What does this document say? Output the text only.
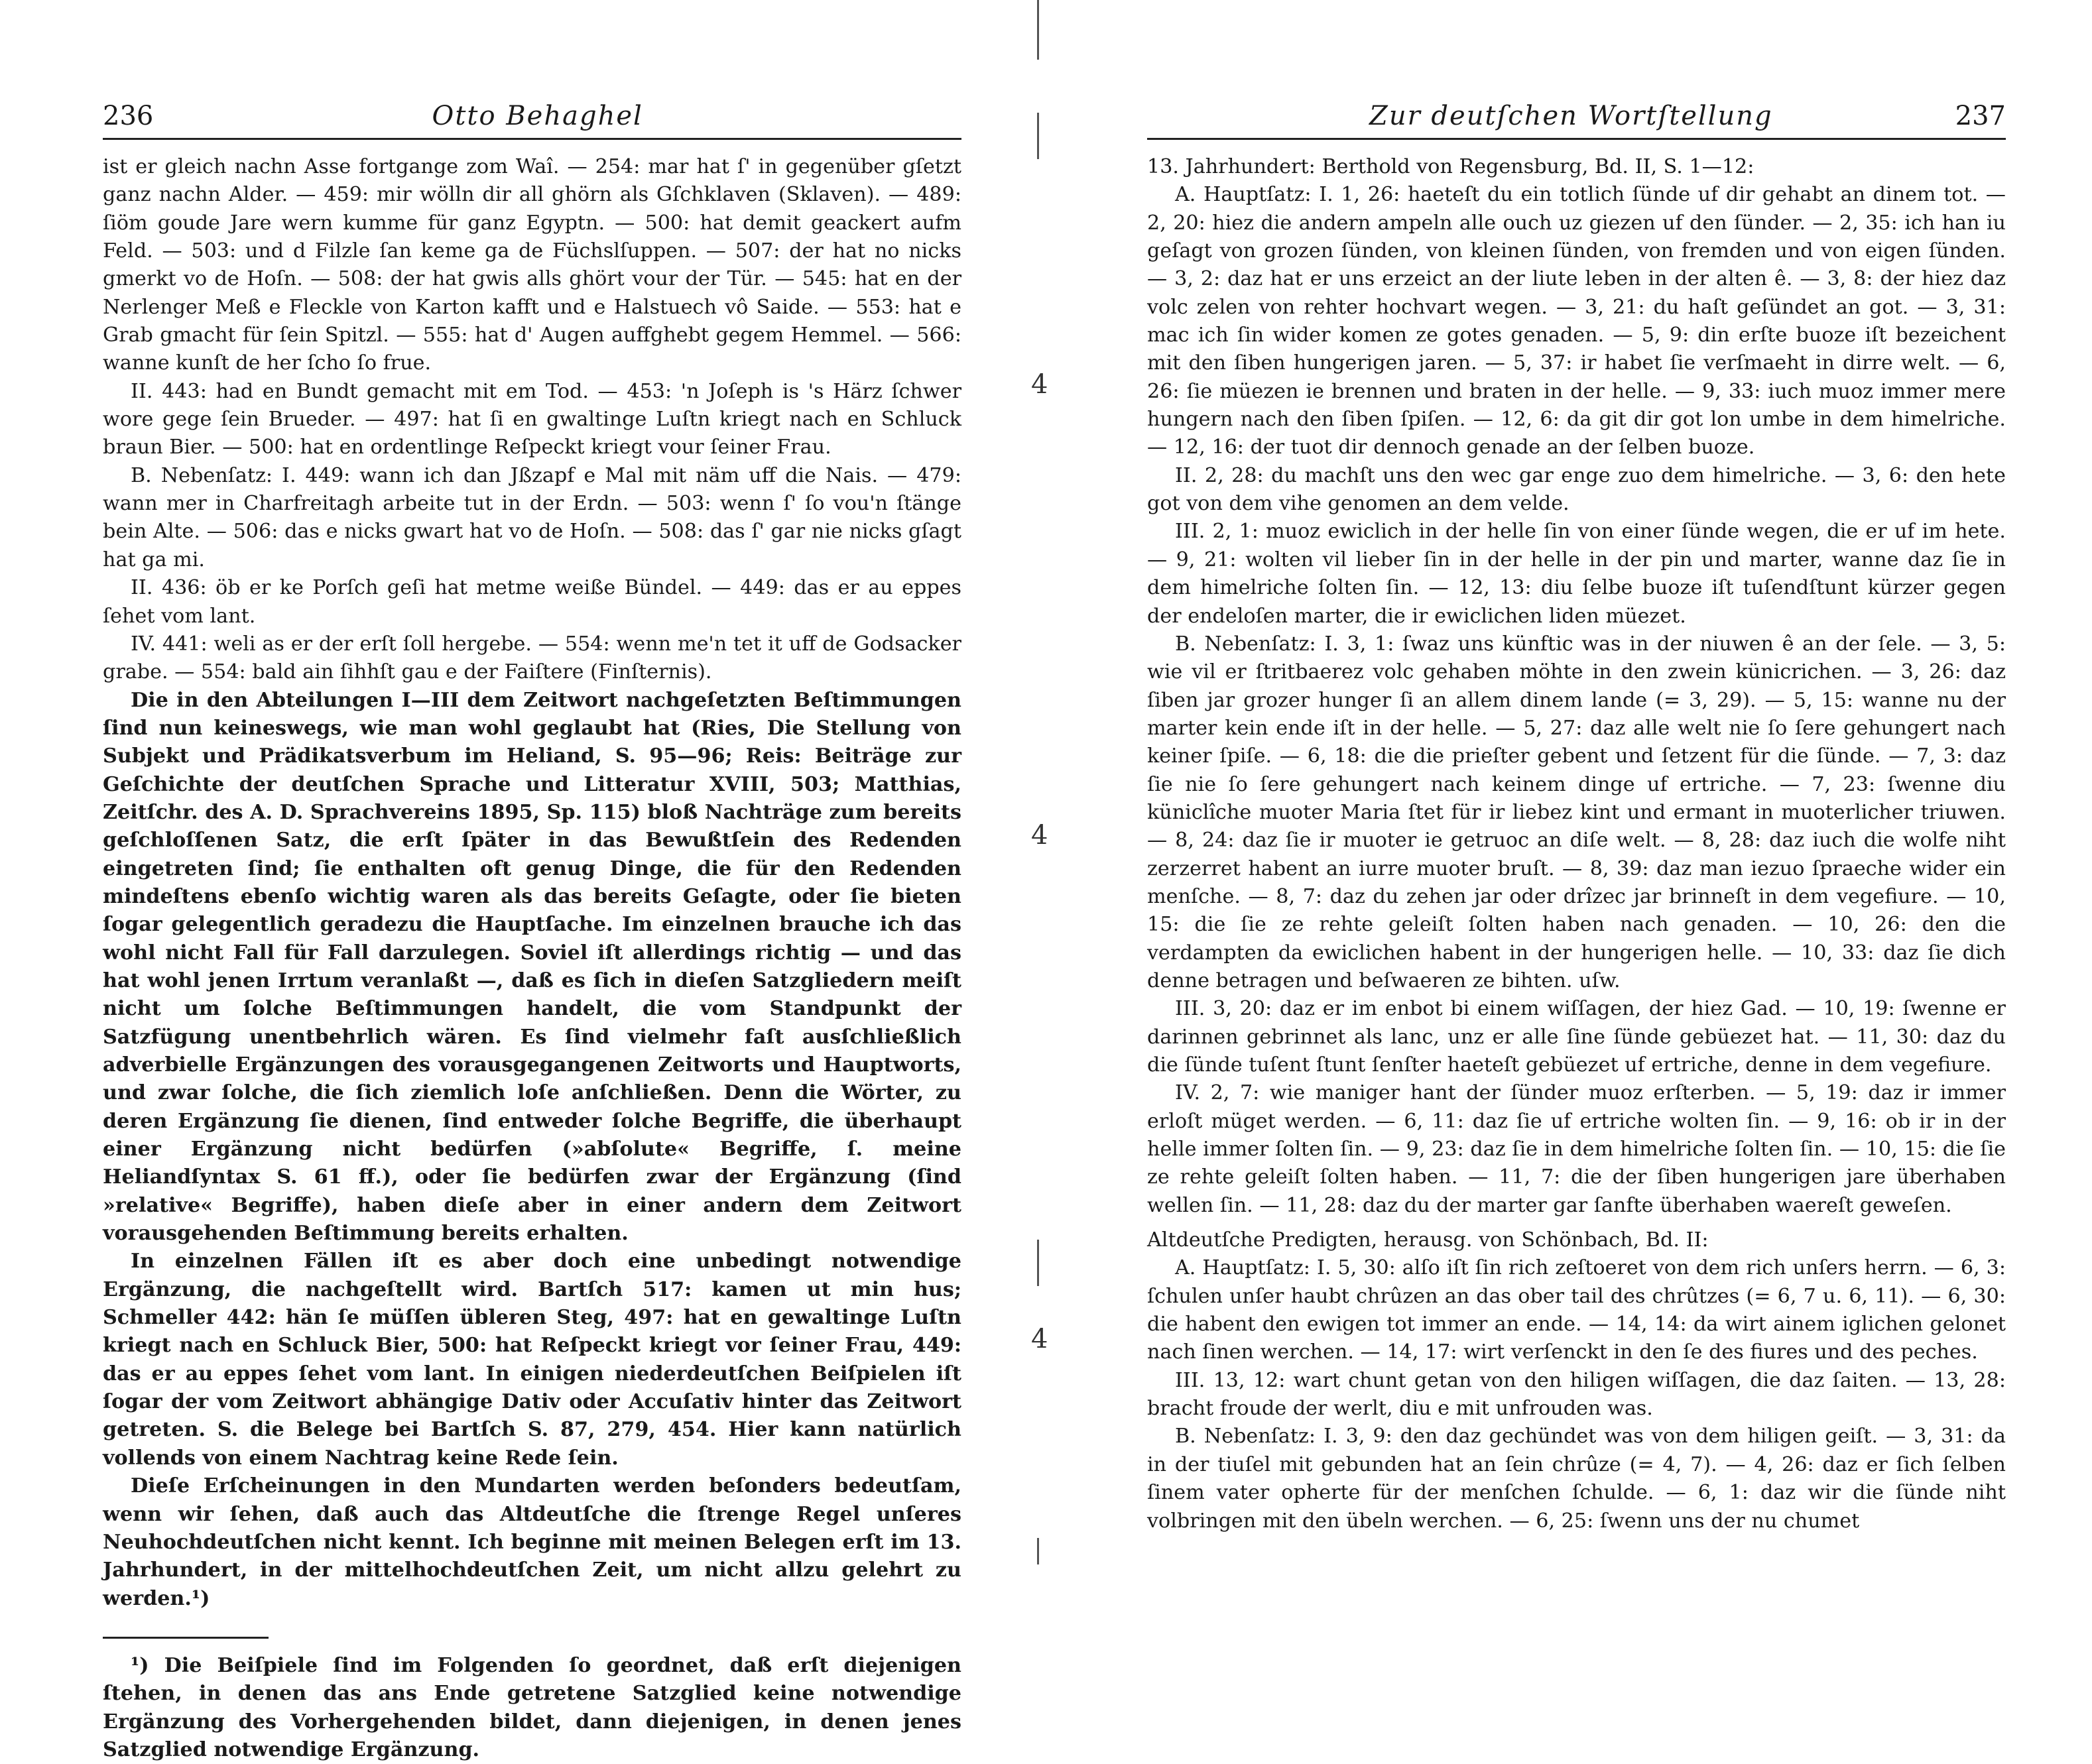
236	Otto Behaghel

ist er gleich nachn Asse fortgange zom Waî. — 254: mar hat ſ' in gegenüber gſetzt ganz nachn Alder. — 459: mir wölln dir all ghörn als Gſchklaven (Sklaven). — 489: ſiöm goude Jare wern kumme für ganz Egyptn. — 500: hat demit geackert aufm Feld. — 503: und d Filzle ſan keme ga de Füchslſuppen. — 507: der hat no nicks gmerkt vo de Hoſn. — 508: der hat gwis alls ghört vour der Tür. — 545: hat en der Nerlenger Meß e Fleckle von Karton kafft und e Halstuech vô Saide. — 553: hat e Grab gmacht für ſein Spitzl. — 555: hat d' Augen auffghebt gegem Hemmel. — 566: wanne kunſt de her ſcho ſo frue.

II. 443: had en Bundt gemacht mit em Tod. — 453: 'n Joſeph is 's Härz ſchwer wore gege ſein Brueder. — 497: hat ſi en gwaltinge Luſtn kriegt nach en Schluck braun Bier. — 500: hat en ordentlinge Reſpeckt kriegt vour ſeiner Frau.

B. Nebenſatz: I. 449: wann ich dan Jßzapf e Mal mit näm uff die Nais. — 479: wann mer in Charfreitagh arbeite tut in der Erdn. — 503: wenn ſ' ſo vou'n ſtänge bein Alte. — 506: das e nicks gwart hat vo de Hoſn. — 508: das ſ' gar nie nicks gſagt hat ga mi.

II. 436: öb er ke Porſch geſi hat metme weiße Bündel. — 449: das er au eppes ſehet vom lant.

IV. 441: weli as er der erſt ſoll hergebe. — 554: wenn me'n tet it uff de Godsacker grabe. — 554: bald ain ſihhſt gau e der Faiſtere (Finſternis).

Die in den Abteilungen I—III dem Zeitwort nachgeſetzten Beſtimmungen ſind nun keineswegs, wie man wohl geglaubt hat (Ries, Die Stellung von Subjekt und Prädikatsverbum im Heliand, S. 95—96; Reis: Beiträge zur Geſchichte der deutſchen Sprache und Litteratur XVIII, 503; Matthias, Zeitſchr. des A. D. Sprachvereins 1895, Sp. 115) bloß Nachträge zum bereits geſchloſſenen Satz, die erſt ſpäter in das Bewußtſein des Redenden eingetreten ſind; ſie enthalten oft genug Dinge, die für den Redenden mindeſtens ebenſo wichtig waren als das bereits Geſagte, oder ſie bieten ſogar gelegentlich geradezu die Hauptſache. Im einzelnen brauche ich das wohl nicht Fall für Fall darzulegen. Soviel iſt allerdings richtig — und das hat wohl jenen Irrtum veranlaßt —, daß es ſich in dieſen Satzgliedern meiſt nicht um ſolche Beſtimmungen handelt, die vom Standpunkt der Satzfügung unentbehrlich wären. Es ſind vielmehr faſt ausſchließlich adverbielle Ergänzungen des vorausgegangenen Zeitworts und Hauptworts, und zwar ſolche, die ſich ziemlich loſe anſchließen. Denn die Wörter, zu deren Ergänzung ſie dienen, ſind entweder ſolche Begriffe, die überhaupt einer Ergänzung nicht bedürfen (»abſolute« Begriffe, ſ. meine Heliandſyntax S. 61 ff.), oder ſie bedürfen zwar der Ergänzung (ſind »relative« Begriffe), haben dieſe aber in einer andern dem Zeitwort vorausgehenden Beſtimmung bereits erhalten.

In einzelnen Fällen iſt es aber doch eine unbedingt notwendige Ergänzung, die nachgeſtellt wird. Bartſch 517: kamen ut min hus; Schmeller 442: hän ſe müſſen übleren Steg, 497: hat en gewaltinge Luſtn kriegt nach en Schluck Bier, 500: hat Reſpeckt kriegt vor ſeiner Frau, 449: das er au eppes ſehet vom lant. In einigen niederdeutſchen Beiſpielen iſt ſogar der vom Zeitwort abhängige Dativ oder Accuſativ hinter das Zeitwort getreten. S. die Belege bei Bartſch S. 87, 279, 454. Hier kann natürlich vollends von einem Nachtrag keine Rede ſein.

Dieſe Erſcheinungen in den Mundarten werden beſonders bedeutſam, wenn wir ſehen, daß auch das Altdeutſche die ſtrenge Regel unſeres Neuhochdeutſchen nicht kennt. Ich beginne mit meinen Belegen erſt im 13. Jahrhundert, in der mittelhochdeutſchen Zeit, um nicht allzu gelehrt zu werden.¹)

¹) Die Beiſpiele ſind im Folgenden ſo geordnet, daß erſt diejenigen ſtehen, in denen das ans Ende getretene Satzglied keine notwendige Ergänzung des Vorhergehenden bildet, dann diejenigen, in denen jenes Satzglied notwendige Ergänzung.

4
4
4
Zur deutſchen Wortſtellung	237

13. Jahrhundert: Berthold von Regensburg, Bd. II, S. 1—12:

A. Hauptſatz: I. 1, 26: haeteſt du ein totlich ſünde uf dir gehabt an dinem tot. — 2, 20: hiez die andern ampeln alle ouch uz giezen uf den ſünder. — 2, 35: ich han iu geſagt von grozen ſünden, von kleinen ſünden, von fremden und von eigen ſünden. — 3, 2: daz hat er uns erzeict an der liute leben in der alten ê. — 3, 8: der hiez daz volc zelen von rehter hochvart wegen. — 3, 21: du haſt geſündet an got. — 3, 31: mac ich ſin wider komen ze gotes genaden. — 5, 9: din erſte buoze iſt bezeichent mit den ſiben hungerigen jaren. — 5, 37: ir habet ſie verſmaeht in dirre welt. — 6, 26: ſie müezen ie brennen und braten in der helle. — 9, 33: iuch muoz immer mere hungern nach den ſiben ſpiſen. — 12, 6: da git dir got lon umbe in dem himelriche. — 12, 16: der tuot dir dennoch genade an der ſelben buoze.

II. 2, 28: du machſt uns den wec gar enge zuo dem himelriche. — 3, 6: den hete got von dem vihe genomen an dem velde.

III. 2, 1: muoz ewiclich in der helle ſin von einer ſünde wegen, die er uf im hete. — 9, 21: wolten vil lieber ſin in der helle in der pin und marter, wanne daz ſie in dem himelriche ſolten ſin. — 12, 13: diu ſelbe buoze iſt tuſendſtunt kürzer gegen der endeloſen marter, die ir ewiclichen liden müezet.

B. Nebenſatz: I. 3, 1: ſwaz uns künftic was in der niuwen ê an der ſele. — 3, 5: wie vil er ſtritbaerez volc gehaben möhte in den zwein künicrichen. — 3, 26: daz ſiben jar grozer hunger ſi an allem dinem lande (= 3, 29). — 5, 15: wanne nu der marter kein ende iſt in der helle. — 5, 27: daz alle welt nie ſo ſere gehungert nach keiner ſpiſe. — 6, 18: die die prieſter gebent und ſetzent für die ſünde. — 7, 3: daz ſie nie ſo ſere gehungert nach keinem dinge uf ertriche. — 7, 23: ſwenne diu küniclîche muoter Maria ſtet für ir liebez kint und ermant in muoterlicher triuwen. — 8, 24: daz ſie ir muoter ie getruoc an diſe welt. — 8, 28: daz iuch die wolfe niht zerzerret habent an iurre muoter bruſt. — 8, 39: daz man iezuo ſpraeche wider ein menſche. — 8, 7: daz du zehen jar oder drîzec jar brinneſt in dem vegefiure. — 10, 15: die ſie ze rehte geleiſt ſolten haben nach genaden. — 10, 26: den die verdampten da ewiclichen habent in der hungerigen helle. — 10, 33: daz ſie dich denne betragen und beſwaeren ze bihten. uſw.

III. 3, 20: daz er im enbot bi einem wiſſagen, der hiez Gad. — 10, 19: ſwenne er darinnen gebrinnet als lanc, unz er alle ſine ſünde gebüezet hat. — 11, 30: daz du die ſünde tuſent ſtunt ſenſter haeteſt gebüezet uf ertriche, denne in dem vegefiure.

IV. 2, 7: wie maniger hant der ſünder muoz erſterben. — 5, 19: daz ir immer erloſt müget werden. — 6, 11: daz ſie uf ertriche wolten ſin. — 9, 16: ob ir in der helle immer ſolten ſin. — 9, 23: daz ſie in dem himelriche ſolten ſin. — 10, 15: die ſie ze rehte geleiſt ſolten haben. — 11, 7: die der ſiben hungerigen jare überhaben wellen ſin. — 11, 28: daz du der marter gar ſanfte überhaben waereſt geweſen.

Altdeutſche Predigten, herausg. von Schönbach, Bd. II:

A. Hauptſatz: I. 5, 30: alſo iſt ſin rich zeſtoeret von dem rich unſers herrn. — 6, 3: ſchulen unſer haubt chrûzen an das ober tail des chrûtzes (= 6, 7 u. 6, 11). — 6, 30: die habent den ewigen tot immer an ende. — 14, 14: da wirt ainem iglichen gelonet nach ſinen werchen. — 14, 17: wirt verſenckt in den ſe des fiures und des peches.

III. 13, 12: wart chunt getan von den hiligen wiſſagen, die daz ſaiten. — 13, 28: bracht froude der werlt, diu e mit unfrouden was.

B. Nebenſatz: I. 3, 9: den daz gechündet was von dem hiligen geiſt. — 3, 31: da in der tiuſel mit gebunden hat an ſein chrûze (= 4, 7). — 4, 26: daz er ſich ſelben ſinem vater opherte für der menſchen ſchulde. — 6, 1: daz wir die ſünde niht volbringen mit den übeln werchen. — 6, 25: ſwenn uns der nu chumet
